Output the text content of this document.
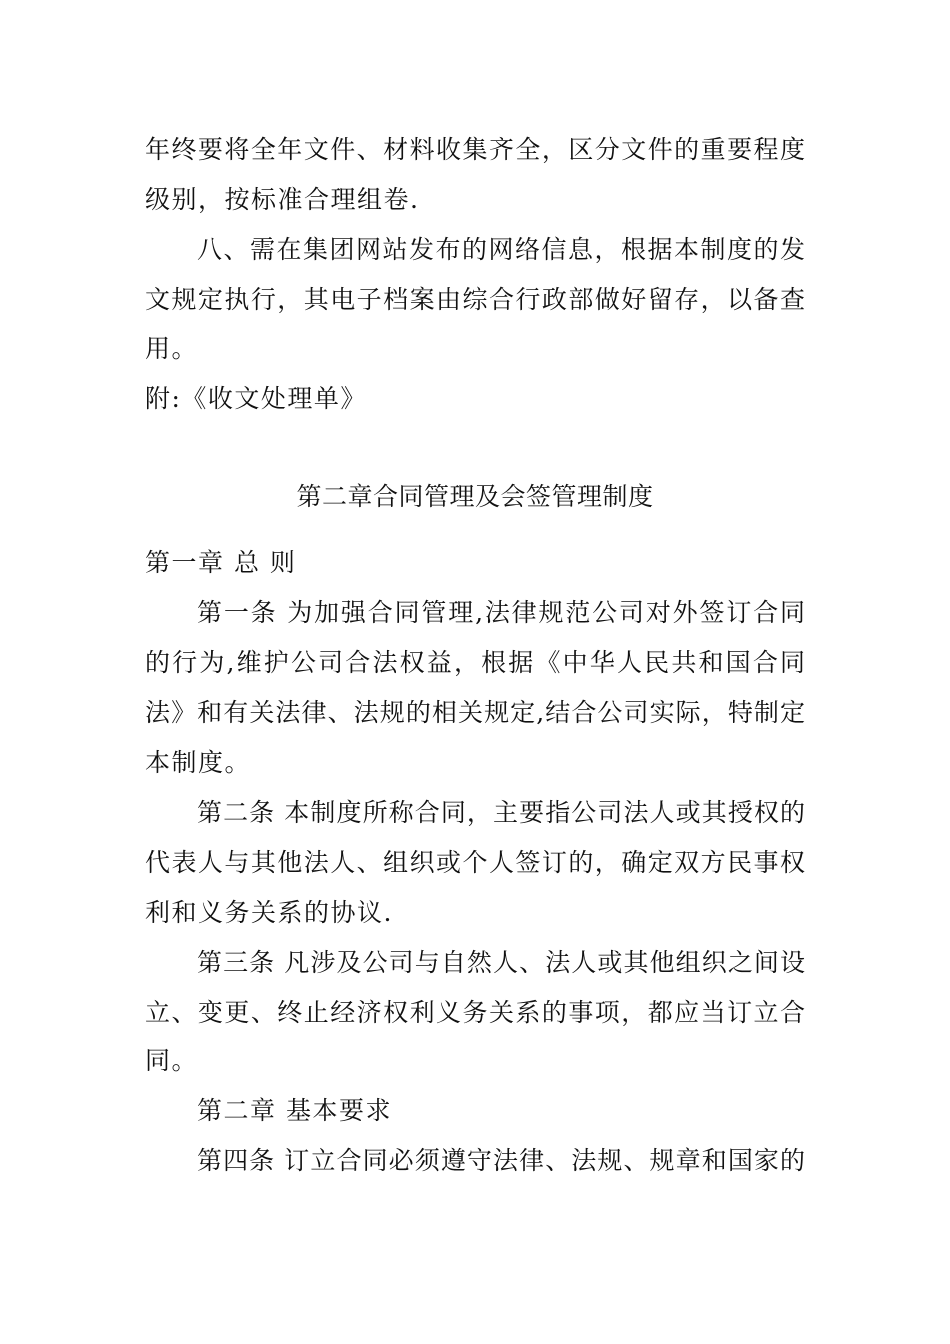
年终要将全年文件、材料收集齐全，区分文件的重要程度
级别，按标准合理组卷.
八、需在集团网站发布的网络信息，根据本制度的发
文规定执行，其电子档案由综合行政部做好留存，以备查
用。
附:《收文处理单》
第二章合同管理及会签管理制度
第一章 总 则
第一条 为加强合同管理,法律规范公司对外签订合同
的行为,维护公司合法权益，根据《中华人民共和国合同
法》和有关法律、法规的相关规定,结合公司实际，特制定
本制度。
第二条 本制度所称合同，主要指公司法人或其授权的
代表人与其他法人、组织或个人签订的，确定双方民事权
利和义务关系的协议.
第三条 凡涉及公司与自然人、法人或其他组织之间设
立、变更、终止经济权利义务关系的事项，都应当订立合
同。
第二章 基本要求
第四条 订立合同必须遵守法律、法规、规章和国家的
